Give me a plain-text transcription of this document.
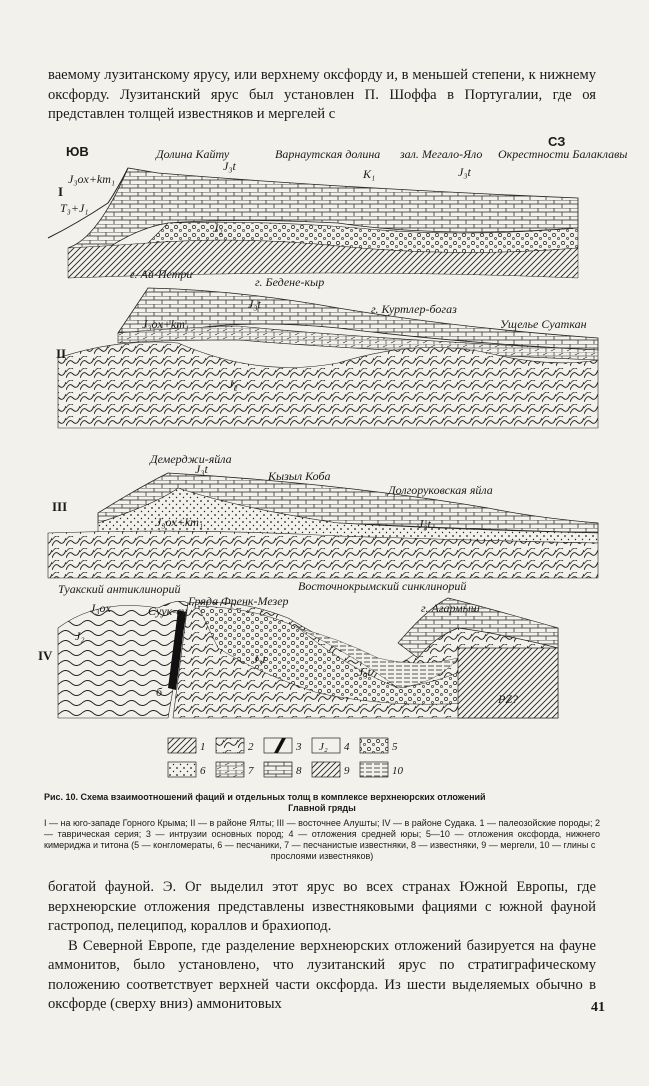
ваемому лузитанскому ярусу, или верхнему оксфорду и, в меньшей степени, к нижнему оксфорду. Лузитанский ярус был установлен П. Шоффа в Португалии, где оя представлен толщей известняков и мергелей с
Долина Кайту	Варнаутская долина зал. Мегало-Яло Окрестности Балаклавы
ЮВ
СЗ
I
J₃ox+km₁
J₃t
K₁	J₃t
T₃+J₁
J₂
г. Ай-Петри
г. Бедене-кыр
г. Куртлер-богаз
Ущелье Суаткан
II
J₃t
J₃ox+km₁
J₂
Демерджи-яйла
Кызыл Коба
Долгоруковская яйла
III
J₃t
J₃ox+km₁	J₃t
Туакский антиклинорий
Гряда Френк-Мезер
Восточнокрымский синклинорий
Суук-су	г. Агармыш
IV
J₃ox
J₂
J₃t
J₃t
PZ?
б
1	2	3 J₂ 4	5
6	7	8	9	10
Рис. 10. Схема взаимоотношений фаций и отдельных толщ в комплексе верхнеюрских отложений
Главной гряды
I — на юго-западе Горного Крыма; II — в районе Ялты; III — восточнее Алушты; IV — в районе Судака. 1 — палеозойские породы; 2 — таврическая серия; 3 — интрузии основных пород; 4 — отложения средней юры; 5—10 — отложения оксфорда, нижнего кимериджа и титона (5 — конгломераты, 6 — песчаники, 7 — песчанистые известняки, 8 — известняки, 9 — мергели, 10 — глины с
прослоями известняков)

богатой фауной. Э. Ог выделил этот ярус во всех странах Южной Европы, где верхнеюрские отложения представлены известняковыми фациями с южной фауной гастропод, пелеципод, кораллов и брахиопод.

В Северной Европе, где разделение верхнеюрских отложений базируется на фауне аммонитов, было установлено, что лузитанский ярус по стратиграфическому положению соответствует верхней части оксфорда. Из шести выделяемых обычно в оксфорде (сверху вниз) аммонитовых	41
